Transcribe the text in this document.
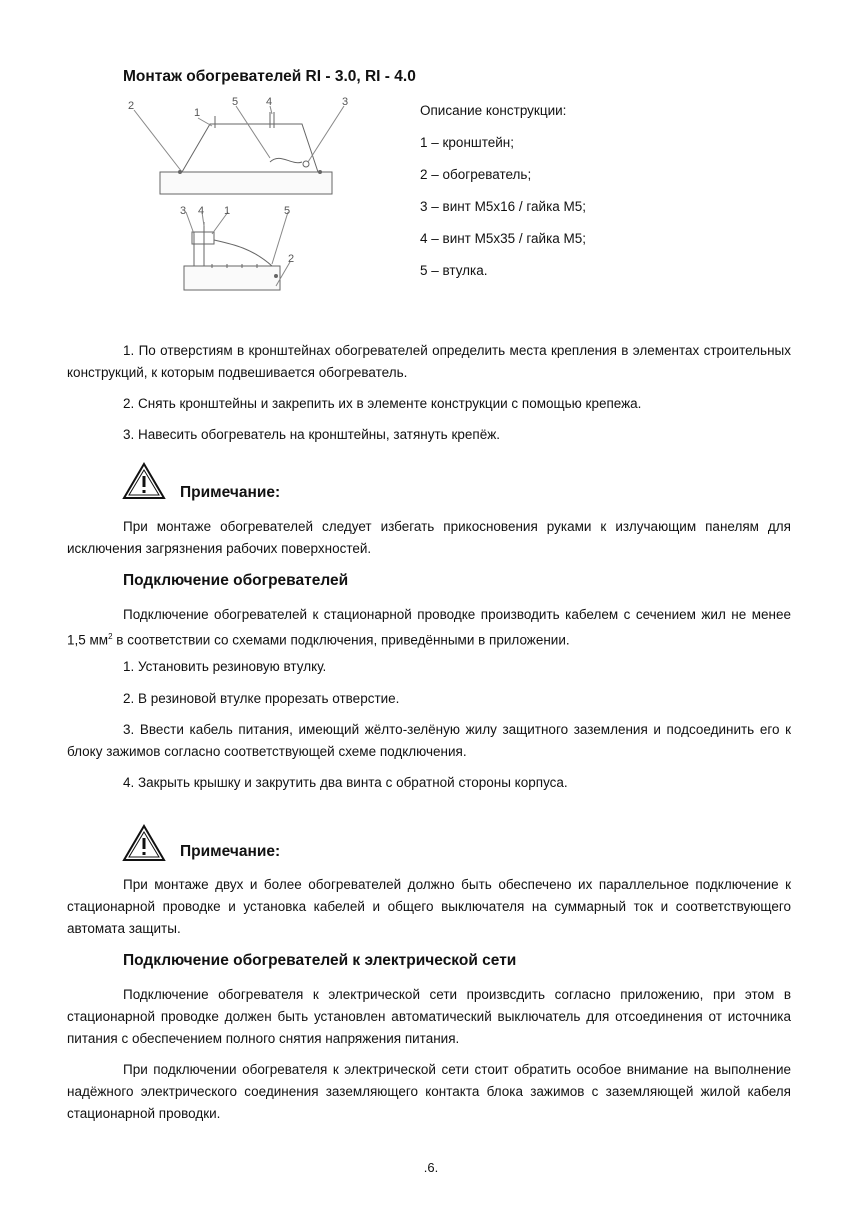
Монтаж обогревателей RI - 3.0, RI - 4.0
2
1
5	4	3
3 4 1	5
2
Описание конструкции:
1 – кронштейн;
2 – обогреватель;
3 – винт М5х16 / гайка М5;
4 – винт М5х35 / гайка М5;
5 – втулка.

1. По отверстиям в кронштейнах обогревателей определить места крепления в элементах строительных конструкций, к которым подвешивается обогреватель.

2. Снять кронштейны и закрепить их в элементе конструкции с помощью крепежа.

3. Навесить обогреватель на кронштейны, затянуть крепёж.

Примечание:

При монтаже обогревателей следует избегать прикосновения руками к излучающим панелям для исключения загрязнения рабочих поверхностей.

Подключение обогревателей

Подключение обогревателей к стационарной проводке производить кабелем с сечением жил не менее 1,5 $мм^2$ в соответствии со схемами подключения, приведёнными в приложении.

1. Установить резиновую втулку.

2. В резиновой втулке прорезать отверстие.

3. Ввести кабель питания, имеющий жёлто-зелёную жилу защитного заземления и подсоединить его к блоку зажимов согласно соответствующей схеме подключения.

4. Закрыть крышку и закрутить два винта с обратной стороны корпуса.

Примечание:

При монтаже двух и более обогревателей должно быть обеспечено их параллельное подключение к стационарной проводке и установка кабелей и общего выключателя на суммарный ток и соответствующего автомата защиты.

Подключение обогревателей к электрической сети

Подключение обогревателя к электрической сети произвсдить согласно приложению, при этом в стационарной проводке должен быть установлен автоматический выключатель для отсоединения от источника питания с обеспечением полного снятия напряжения питания.

При подключении обогревателя к электрической сети стоит обратить особое внимание на выполнение надёжного электрического соединения заземляющего контакта блока зажимов с заземляющей жилой кабеля стационарной проводки.

.6.
